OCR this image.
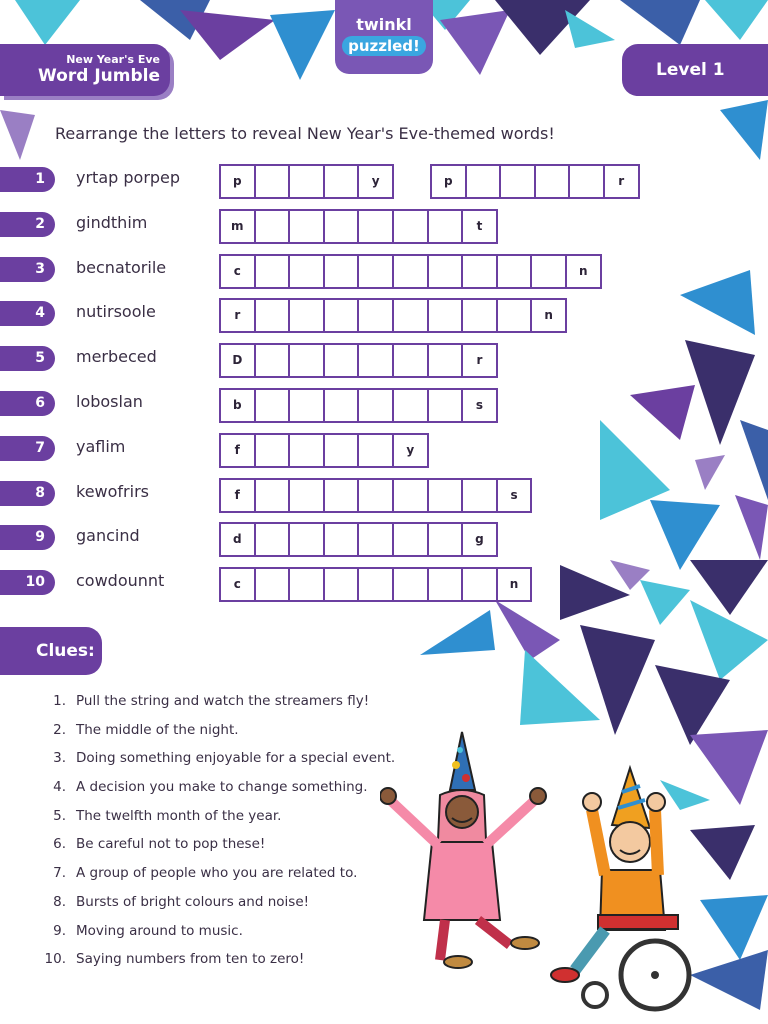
New Year's Eve
Word Jumble
twinkl
puzzled!
Level 1
Rearrange the letters to reveal New Year's Eve-themed words!
1	yrtap porpep	p	y	p	r
2	gindthim	m	t
3	becnatorile	c	n
4	nutirsoole	r	n
5	merbeced	D	r
6	loboslan	b	s
7	yaflim	f	y
8	kewofrirs	f	s
9	gancind	d	g
10	cowdounnt	c	n
Clues:
1. Pull the string and watch the streamers fly!
2. The middle of the night.
3. Doing something enjoyable for a special event.
4. A decision you make to change something.
5. The twelfth month of the year.
6. Be careful not to pop these!
7. A group of people who you are related to.
8. Bursts of bright colours and noise!
9. Moving around to music.
10. Saying numbers from ten to zero!
